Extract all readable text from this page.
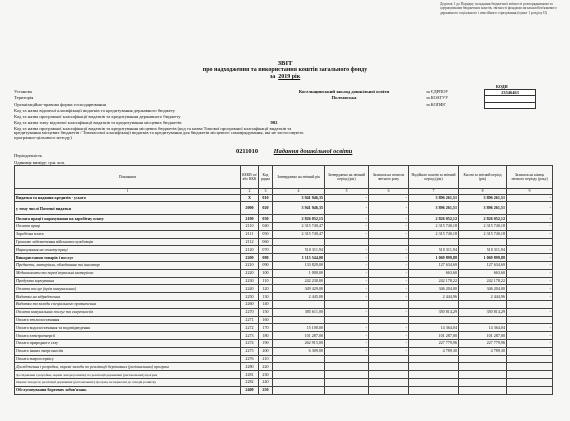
Додаток 1 до Порядку складання бюджетної звітності розпорядниками та одержувачами бюджетних коштів, звітності фондами загальнообов'язкового державного соціального і пенсійного страхування (пункт 1 розділу II)
ЗВІТ
про надходження та використання коштів загального фонду
за 2019 рік
КОДИ
Установа	Косельщинський заклад дошкільної освіти	за ЄДРПОУ	23546463
Територія	Полтавська	за КОАТУУ
Організаційно-правова форма господарювання	за КОПФГ
Код та назва відомчої класифікації видатків та кредитування державного бюджету
Код та назва програмної класифікації видатків та кредитування державного бюджету
Код та назва типу відомчої класифікації видатків та кредитування місцевих бюджетів	002
Код та назва програмної класифікації видатків та кредитування місцевих бюджетів (код та назва Типової програмної класифікації видатків та кредитування місцевих бюджетів / Тимчасової класифікації видатків та кредитування для бюджетів місцевого самоврядування, які не застосовують програмно-цільового методу)
0211010 Надання дошкільної освіти
Періодичність
Одиниця виміру: грн. коп.
Показники	КЕКВ та/або ККК	Код рядка	Затверджено на звітний рік	Затверджено на звітний період (рік)	Залишок на початок звітного року	Надійшло коштів за звітний період (рік)	Касові за звітний період (рік)	Залишок на кінець звітного періоду (року)
1	2	3	4	5	6	7	8	9
Видатки та надання кредитів - усього	X	010	3 941 946,35	-	-	3 896 261,51	3 896 261,51	-
у тому числі Поточні видатки	2000	020	3 941 946,35	-	-	3 896 261,51	3 896 261,51	-
Оплата праці і нарахування на заробітну плату	2100	030	2 826 052,15	-	-	2 826 052,12	2 826 052,12	-
Оплата праці	2110	040	2 315 740,47	-	-	2 315 740,18	2 315 740,18	-
Заробітна плата	2111	050	2 315 740,47	-	-	2 315 740,18	2 315 740,18	-
Грошове забезпечення військовослужбовців	2112	060						
Нарахування на оплату праці	2120	070	510 311,94	-	-	510 311,94	510 311,94	-
Використання товарів і послуг	2200	080	1 115 544,00	-	-	1 069 899,88	1 069 899,88	-
Предмети, матеріали, обладнання та інвентар	2210	090	133 829,00	-	-	127 634,69	127 634,69	-
Медикаменти та перев'язувальні матеріали	2220	100	1 000,00	-	-	663,60	663,60	-
Продукти харчування	2230	110	242 230,00	-	-	242 178,22	242 178,22	-
Оплата послуг (крім комунальних)	2240	120	349 429,00	-	-	346 204,00	346 204,00	-
Видатки на відрядження	2250	130	2 445,00	-	-	2 444,96	2 444,96	-
Видатки та заходи спеціального призначення	2260	140						
Оплата комунальних послуг та енергоносіїв	2270	150	385 611,00	-	-	350 814,29	350 814,29	-
Оплата теплопостачання	2271	160						
Оплата водопостачання та водовідведення	2272	170	15 100,00	-	-	14 364,04	14 364,04	-
Оплата електроенергії	2273	180	101 287,00	-	-	101 287,00	101 287,00	-
Оплата природного газу	2274	190	262 915,00	-	-	227 779,96	227 779,96	-
Оплата інших енергоносіїв	2275	200	6 309,00	-	-	4 789,30	4 789,30	-
Оплата енергосервісу	2276	210						
Дослідження і розробки, окремі заходи по реалізації державних (регіональних) програм	2280	220						
Дослідження і розробки, окремі заходи розвитку по реалізації державних (регіональних) програм	2281	230						
Окремі заходи по реалізації державних (регіональних) програм, не віднесені до заходів розвитку	2282	240						
Обслуговування боргових зобов'язань	2400	250						
